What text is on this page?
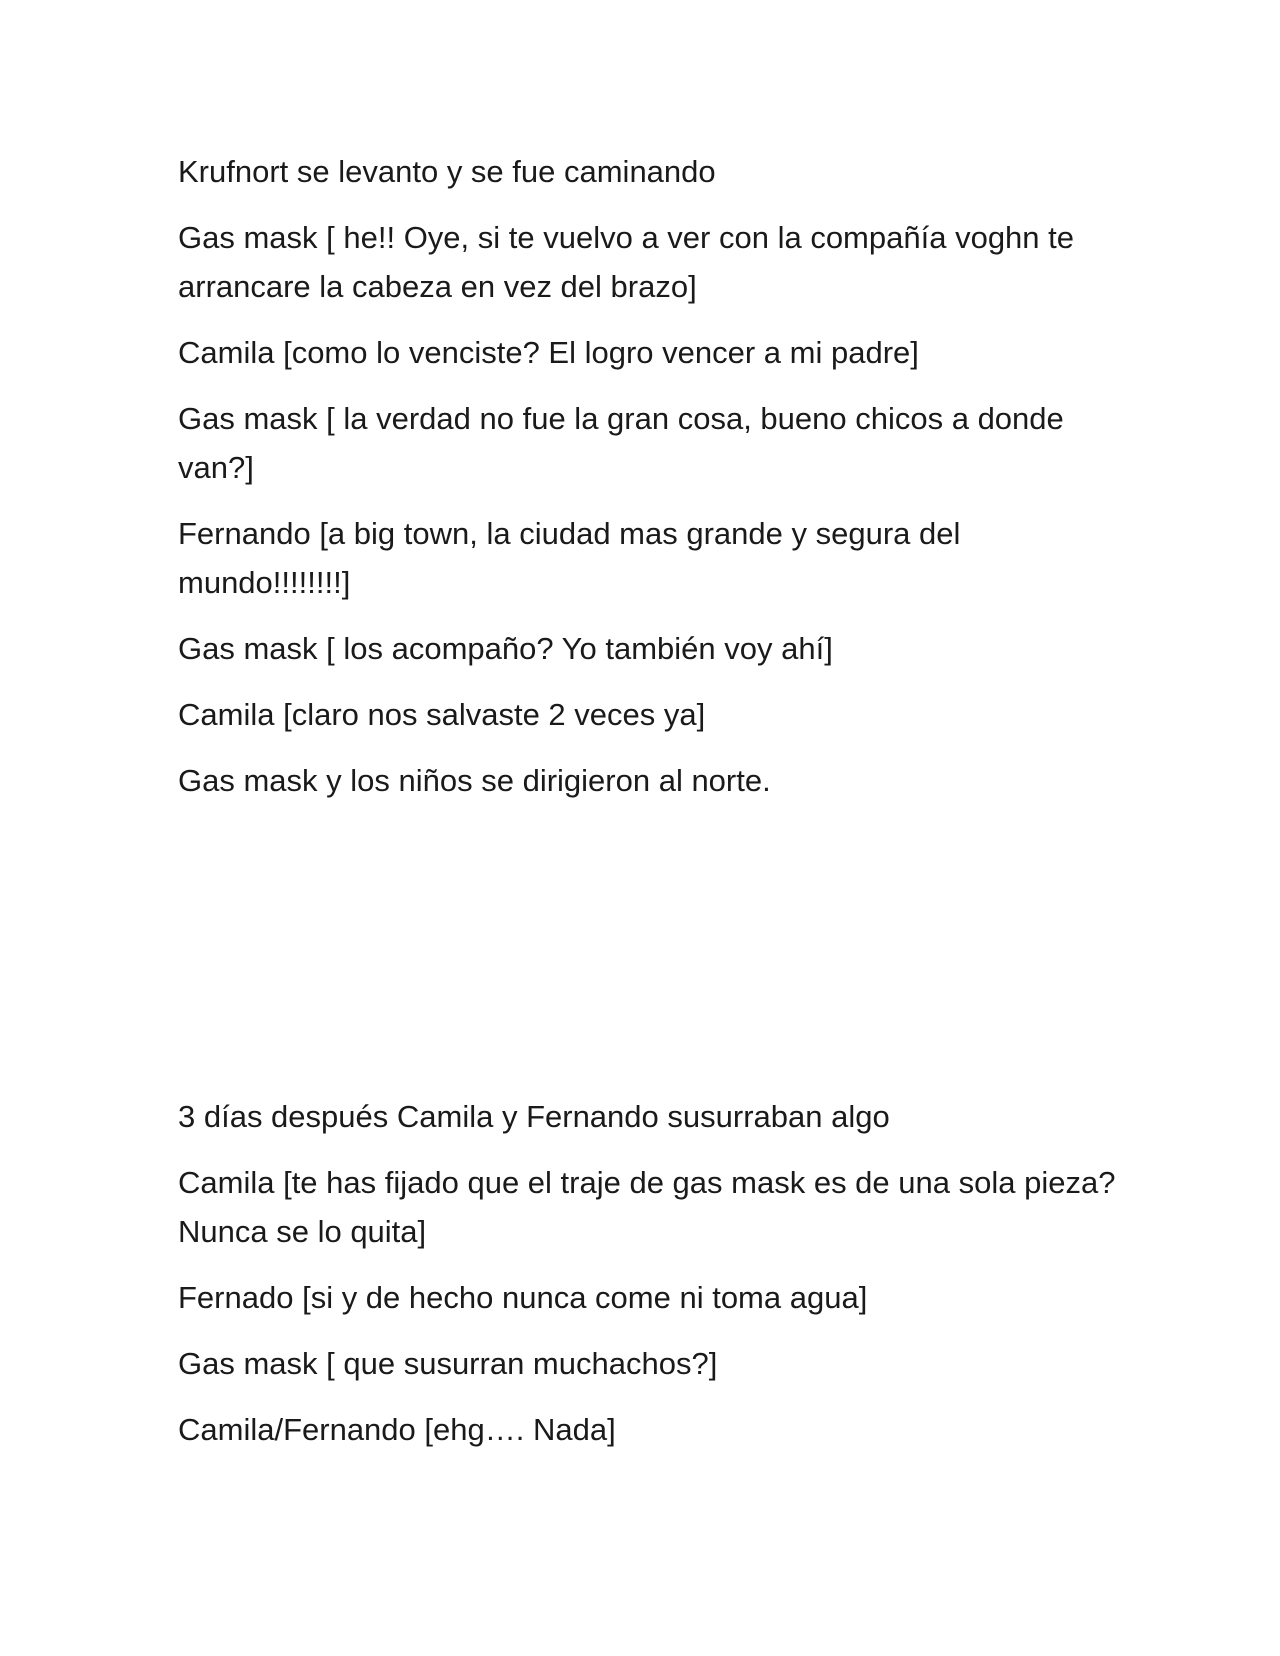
Krufnort se levanto y se fue caminando

Gas mask [ he!! Oye, si te vuelvo a ver con la compañía voghn te arrancare la cabeza en vez del brazo]

Camila [como lo venciste? El logro vencer a mi padre]

Gas mask [ la verdad no fue la gran cosa, bueno chicos a donde van?]

Fernando [a big town, la ciudad mas grande y segura del mundo!!!!!!!!]

Gas mask [ los acompaño? Yo también voy ahí]

Camila [claro nos salvaste 2 veces ya]

Gas mask y los niños se dirigieron al norte.

3 días después Camila y Fernando susurraban algo

Camila [te has fijado que el traje de gas mask es de una sola pieza? Nunca se lo quita]

Fernado [si y de hecho nunca come ni toma agua]

Gas mask [ que susurran muchachos?]

Camila/Fernando [ehg…. Nada]
